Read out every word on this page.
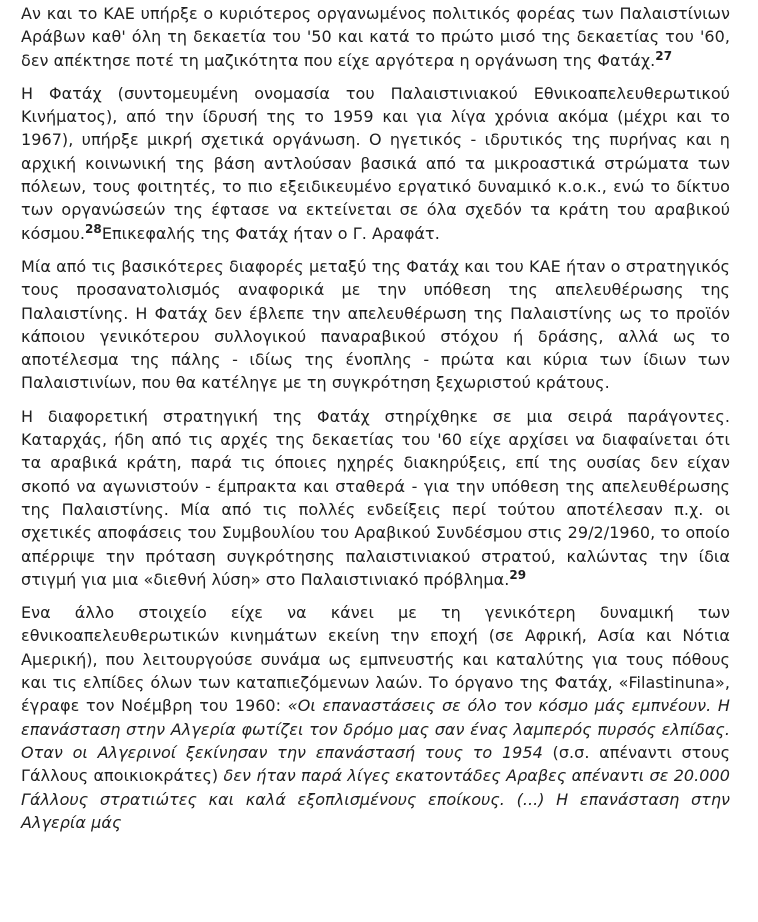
Αν και το ΚΑΕ υπήρξε ο κυριότερος οργανωμένος πολιτικός φορέας των Παλαιστίνιων Αράβων καθ' όλη τη δεκαετία του '50 και κατά το πρώτο μισό της δεκαετίας του '60, δεν απέκτησε ποτέ τη μαζικότητα που είχε αργότερα η οργάνωση της Φατάχ.$^{27}$

Η Φατάχ (συντομευμένη ονομασία του Παλαιστινιακού Εθνικοαπελευθερωτικού Κινήματος), από την ίδρυσή της το 1959 και για λίγα χρόνια ακόμα (μέχρι και το 1967), υπήρξε μικρή σχετικά οργάνωση. Ο ηγετικός - ιδρυτικός της πυρήνας και η αρχική κοινωνική της βάση αντλούσαν βασικά από τα μικροαστικά στρώματα των πόλεων, τους φοιτητές, το πιο εξειδικευμένο εργατικό δυναμικό κ.ο.κ., ενώ το δίκτυο των οργανώσεών της έφτασε να εκτείνεται σε όλα σχεδόν τα κράτη του αραβικού κόσμου.$^{28}$Επικεφαλής της Φατάχ ήταν ο Γ. Αραφάτ.

Μία από τις βασικότερες διαφορές μεταξύ της Φατάχ και του ΚΑΕ ήταν ο στρατηγικός τους προσανατολισμός αναφορικά με την υπόθεση της απελευθέρωσης της Παλαιστίνης. Η Φατάχ δεν έβλεπε την απελευθέρωση της Παλαιστίνης ως το προϊόν κάποιου γενικότερου συλλογικού παναραβικού στόχου ή δράσης, αλλά ως το αποτέλεσμα της πάλης - ιδίως της ένοπλης - πρώτα και κύρια των ίδιων των Παλαιστινίων, που θα κατέληγε με τη συγκρότηση ξεχωριστού κράτους.

Η διαφορετική στρατηγική της Φατάχ στηρίχθηκε σε μια σειρά παράγοντες. Καταρχάς, ήδη από τις αρχές της δεκαετίας του '60 είχε αρχίσει να διαφαίνεται ότι τα αραβικά κράτη, παρά τις όποιες ηχηρές διακηρύξεις, επί της ουσίας δεν είχαν σκοπό να αγωνιστούν - έμπρακτα και σταθερά - για την υπόθεση της απελευθέρωσης της Παλαιστίνης. Μία από τις πολλές ενδείξεις περί τούτου αποτέλεσαν π.χ. οι σχετικές αποφάσεις του Συμβουλίου του Αραβικού Συνδέσμου στις 29/2/1960, το οποίο απέρριψε την πρόταση συγκρότησης παλαιστινιακού στρατού, καλώντας την ίδια στιγμή για μια «διεθνή λύση» στο Παλαιστινιακό πρόβλημα.$^{29}$

Ενα άλλο στοιχείο είχε να κάνει με τη γενικότερη δυναμική των εθνικοαπελευθερωτικών κινημάτων εκείνη την εποχή (σε Αφρική, Ασία και Νότια Αμερική), που λειτουργούσε συνάμα ως εμπνευστής και καταλύτης για τους πόθους και τις ελπίδες όλων των καταπιεζόμενων λαών. Το όργανο της Φατάχ, «Filastinuna», έγραφε τον Νοέμβρη του 1960: «Οι επαναστάσεις σε όλο τον κόσμο μάς εμπνέουν. Η επανάσταση στην Αλγερία φωτίζει τον δρόμο μας σαν ένας λαμπερός πυρσός ελπίδας. Οταν οι Αλγερινοί ξεκίνησαν την επανάστασή τους το 1954 (σ.σ. απέναντι στους Γάλλους αποικιοκράτες) δεν ήταν παρά λίγες εκατοντάδες Αραβες απέναντι σε 20.000 Γάλλους στρατιώτες και καλά εξοπλισμένους εποίκους. (...) Η επανάσταση στην Αλγερία μάς
